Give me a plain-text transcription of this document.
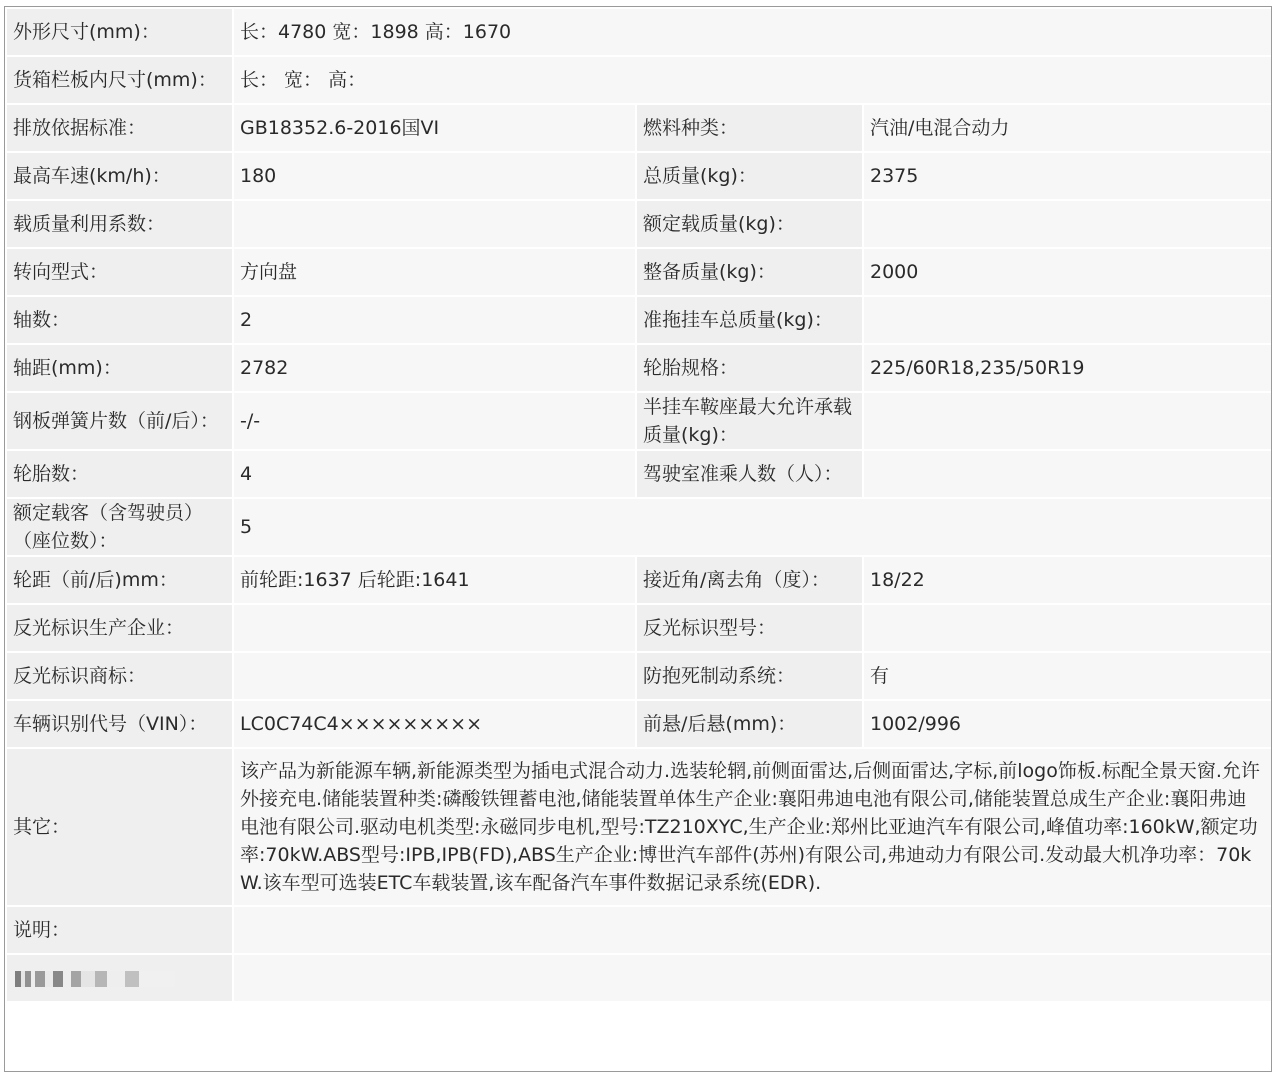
外形尺寸(mm)：	长：4780 宽：1898 高：1670		
货箱栏板内尺寸(mm)：	长： 宽： 高：		
排放依据标准：	GB18352.6-2016国VI	燃料种类：	汽油/电混合动力
最高车速(km/h)：	180	总质量(kg)：	2375
载质量利用系数：		额定载质量(kg)：	
转向型式：	方向盘	整备质量(kg)：	2000
轴数：	2	准拖挂车总质量(kg)：	
轴距(mm)：	2782	轮胎规格：	225/60R18,235/50R19
钢板弹簧片数（前/后）：	-/-	半挂车鞍座最大允许承载质量(kg)：	
轮胎数：	4	驾驶室准乘人数（人）：	
额定载客（含驾驶员）（座位数）：	5		
轮距（前/后)mm：	前轮距:1637 后轮距:1641	接近角/离去角（度）：	18/22
反光标识生产企业：		反光标识型号：	
反光标识商标：		防抱死制动系统：	有
车辆识别代号（VIN）：	LC0C74C4×××××××××	前悬/后悬(mm)：	1002/996
其它：	该产品为新能源车辆,新能源类型为插电式混合动力.选装轮辋,前侧面雷达,后侧面雷达,字标,前logo饰板.标配全景天窗.允许外接充电.储能装置种类:磷酸铁锂蓄电池,储能装置单体生产企业:襄阳弗迪电池有限公司,储能装置总成生产企业:襄阳弗迪电池有限公司.驱动电机类型:永磁同步电机,型号:TZ210XYC,生产企业:郑州比亚迪汽车有限公司,峰值功率:160kW,额定功率:70kW.ABS型号:IPB,IPB(FD),ABS生产企业:博世汽车部件(苏州)有限公司,弗迪动力有限公司.发动最大机净功率：70kW.该车型可选装ETC车载装置,该车配备汽车事件数据记录系统(EDR).		
说明：			
